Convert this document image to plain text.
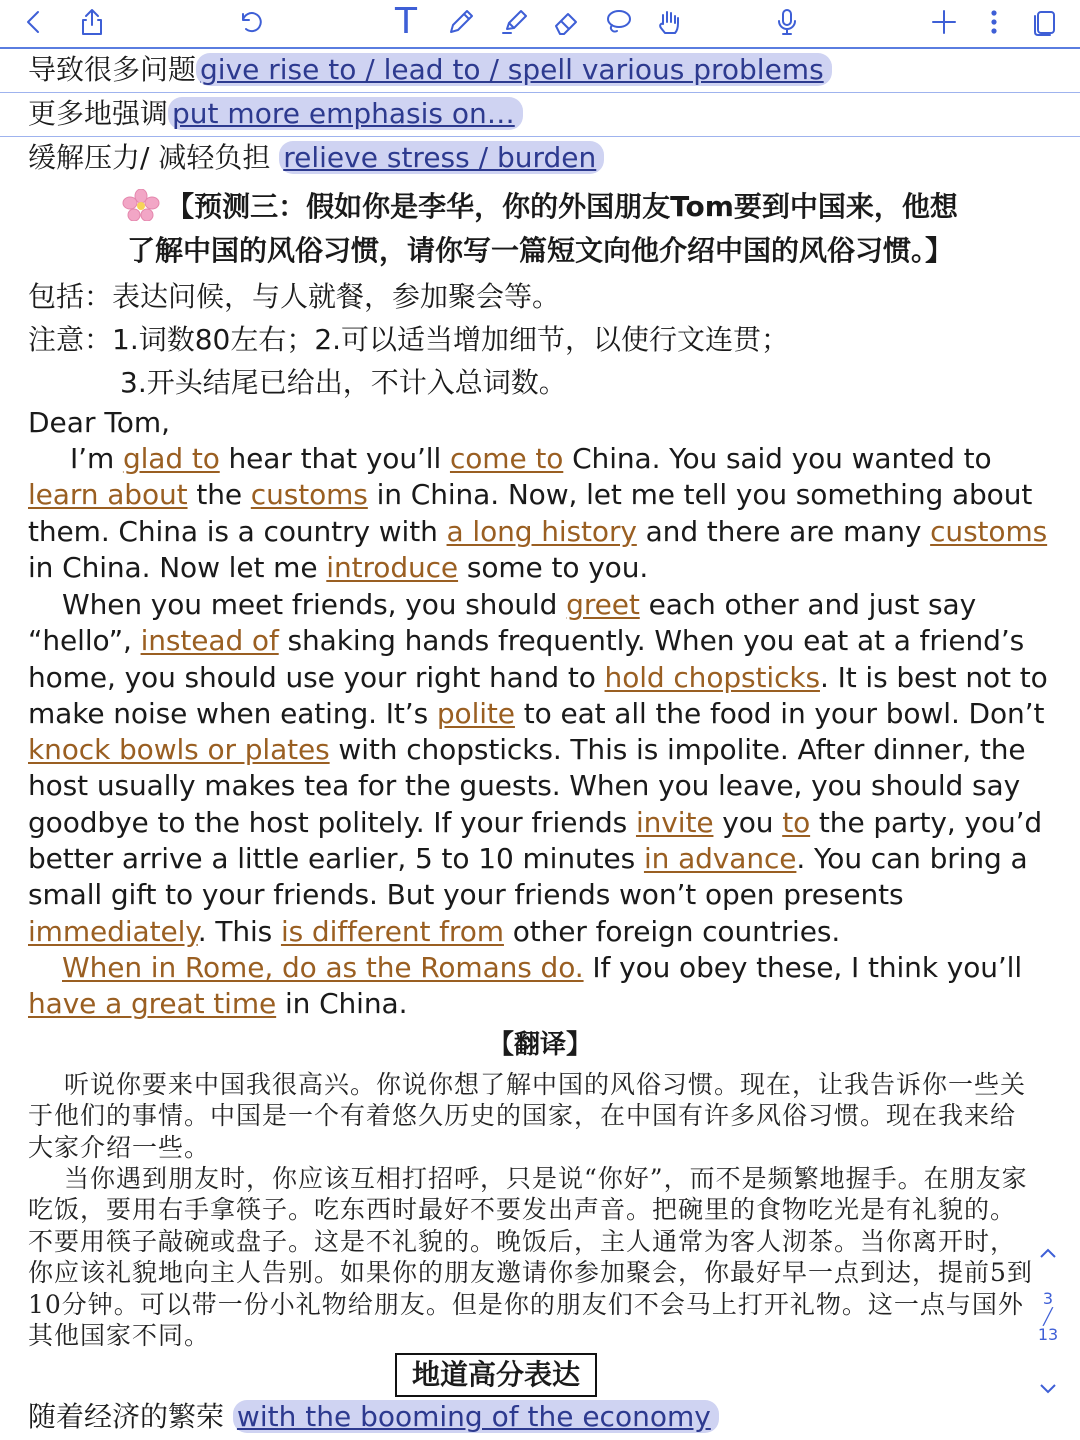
T
导致很多问题 give rise to / lead to / spell various problems
更多地强调 put more emphasis on…
缓解压力/ 减轻负担 relieve stress / burden
【预测三：假如你是李华，你的外国朋友Tom要到中国来，他想
了解中国的风俗习惯，请你写一篇短文向他介绍中国的风俗习惯。】
包括：表达问候，与人就餐，参加聚会等。
注意：1.词数80左右；2.可以适当增加细节，以使行文连贯；
3.开头结尾已给出，不计入总词数。
Dear Tom,
I’m glad to hear that you’ll come to China. You said you wanted to learn about the customs in China. Now, let me tell you something about them. China is a country with a long history and there are many customs in China. Now let me introduce some to you.
When you meet friends, you should greet each other and just say “hello”, instead of shaking hands frequently. When you eat at a friend’s home, you should use your right hand to hold chopsticks. It is best not to make noise when eating. It’s polite to eat all the food in your bowl. Don’t knock bowls or plates with chopsticks. This is impolite. After dinner, the host usually makes tea for the guests. When you leave, you should say goodbye to the host politely. If your friends invite you to the party, you’d better arrive a little earlier, 5 to 10 minutes in advance. You can bring a small gift to your friends. But your friends won’t open presents immediately. This is different from other foreign countries.
When in Rome, do as the Romans do. If you obey these, I think you’ll have a great time in China.
【翻译】
听说你要来中国我很高兴。你说你想了解中国的风俗习惯。现在，让我告诉你一些关于他们的事情。中国是一个有着悠久历史的国家，在中国有许多风俗习惯。现在我来给大家介绍一些。
当你遇到朋友时，你应该互相打招呼，只是说“你好”，而不是频繁地握手。在朋友家吃饭，要用右手拿筷子。吃东西时最好不要发出声音。把碗里的食物吃光是有礼貌的。不要用筷子敲碗或盘子。这是不礼貌的。晚饭后，主人通常为客人沏茶。当你离开时，你应该礼貌地向主人告别。如果你的朋友邀请你参加聚会，你最好早一点到达，提前5到10分钟。可以带一份小礼物给朋友。但是你的朋友们不会马上打开礼物。这一点与国外其他国家不同。
地道高分表达
随着经济的繁荣 with the booming of the economy
3
╱
13
